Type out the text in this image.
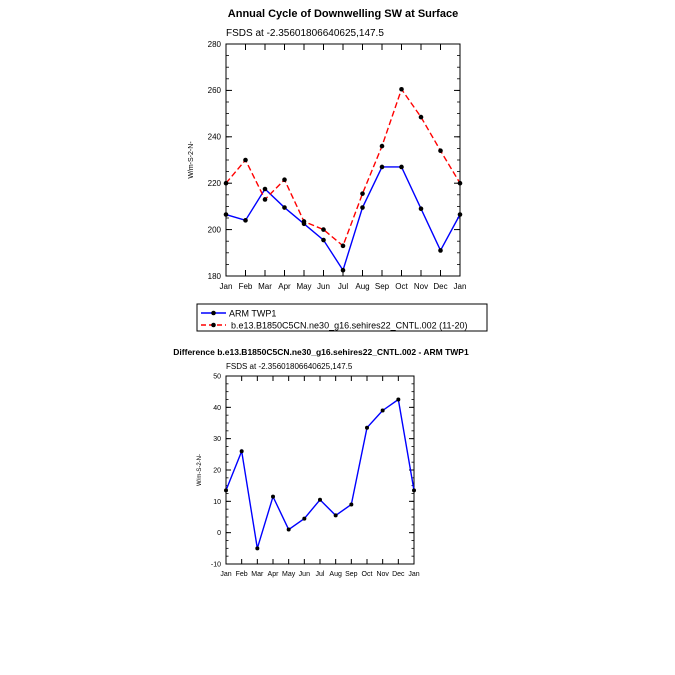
Annual Cycle of Downwelling SW at Surface
FSDS at -2.35601806640625,147.5
W/m-S-2-N-
180
200
220
240
260
280
Jan Feb Mar Apr May Jun Jul Aug Sep Oct Nov Dec Jan
ARM TWP1
b.e13.B1850C5CN.ne30_g16.sehires22_CNTL.002 (11-20)
Difference b.e13.B1850C5CN.ne30_g16.sehires22_CNTL.002 - ARM TWP1
FSDS at -2.35601806640625,147.5
W/m-S-2-N-
-10
0
10
20
30
40
50
Jan Feb Mar Apr May Jun Jul Aug Sep Oct Nov Dec Jan
